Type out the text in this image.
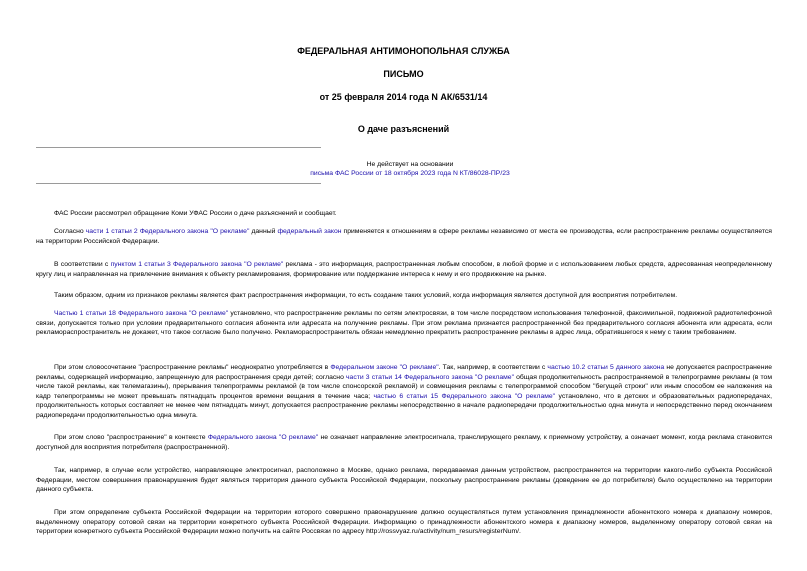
ФЕДЕРАЛЬНАЯ АНТИМОНОПОЛЬНАЯ СЛУЖБА
ПИСЬМО
от 25 февраля 2014 года N АК/6531/14
О даче разъяснений
Не действует на основании
письма ФАС России от 18 октября 2023 года N КТ/86028-ПР/23
ФАС России рассмотрел обращение Коми УФАС России о даче разъяснений и сообщает.
Согласно части 1 статьи 2 Федерального закона "О рекламе" данный федеральный закон применяется к отношениям в сфере рекламы независимо от места ее производства, если распространение рекламы осуществляется на территории Российской Федерации.
В соответствии с пунктом 1 статьи 3 Федерального закона "О рекламе" реклама - это информация, распространенная любым способом, в любой форме и с использованием любых средств, адресованная неопределенному кругу лиц и направленная на привлечение внимания к объекту рекламирования, формирование или поддержание интереса к нему и его продвижение на рынке.
Таким образом, одним из признаков рекламы является факт распространения информации, то есть создание таких условий, когда информация является доступной для восприятия потребителем.
Частью 1 статьи 18 Федерального закона "О рекламе" установлено, что распространение рекламы по сетям электросвязи, в том числе посредством использования телефонной, факсимильной, подвижной радиотелефонной связи, допускается только при условии предварительного согласия абонента или адресата на получение рекламы. При этом реклама признается распространенной без предварительного согласия абонента или адресата, если рекламораспространитель не докажет, что такое согласие было получено. Рекламораспространитель обязан немедленно прекратить распространение рекламы в адрес лица, обратившегося к нему с таким требованием.
При этом словосочетание "распространение рекламы" неоднократно употребляется в Федеральном законе "О рекламе". Так, например, в соответствии с частью 10.2 статьи 5 данного закона не допускается распространение рекламы, содержащей информацию, запрещенную для распространения среди детей; согласно части 3 статьи 14 Федерального закона "О рекламе" общая продолжительность распространяемой в телепрограмме рекламы (в том числе такой рекламы, как телемагазины), прерывания телепрограммы рекламой (в том числе спонсорской рекламой) и совмещения рекламы с телепрограммой способом "бегущей строки" или иным способом ее наложения на кадр телепрограммы не может превышать пятнадцать процентов времени вещания в течение часа; частью 6 статьи 15 Федерального закона "О рекламе" установлено, что в детских и образовательных радиопередачах, продолжительность которых составляет не менее чем пятнадцать минут, допускается распространение рекламы непосредственно в начале радиопередачи продолжительностью одна минута и непосредственно перед окончанием радиопередачи продолжительностью одна минута.
При этом слово "распространение" в контексте Федерального закона "О рекламе" не означает направление электросигнала, транслирующего рекламу, к приемному устройству, а означает момент, когда реклама становится доступной для восприятия потребителя (распространенной).
Так, например, в случае если устройство, направляющее электросигнал, расположено в Москве, однако реклама, передаваемая данным устройством, распространяется на территории какого-либо субъекта Российской Федерации, местом совершения правонарушения будет являться территория данного субъекта Российской Федерации, поскольку распространение рекламы (доведение ее до потребителя) было осуществлено на территории данного субъекта.
При этом определение субъекта Российской Федерации на территории которого совершено правонарушение должно осуществляться путем установления принадлежности абонентского номера к диапазону номеров, выделенному оператору сотовой связи на территории конкретного субъекта Российской Федерации. Информацию о принадлежности абонентского номера к диапазону номеров, выделенному оператору сотовой связи на территории конкретного субъекта Российской Федерации можно получить на сайте Россвязи по адресу http://rossvyaz.ru/activity/num_resurs/registerNum/.
